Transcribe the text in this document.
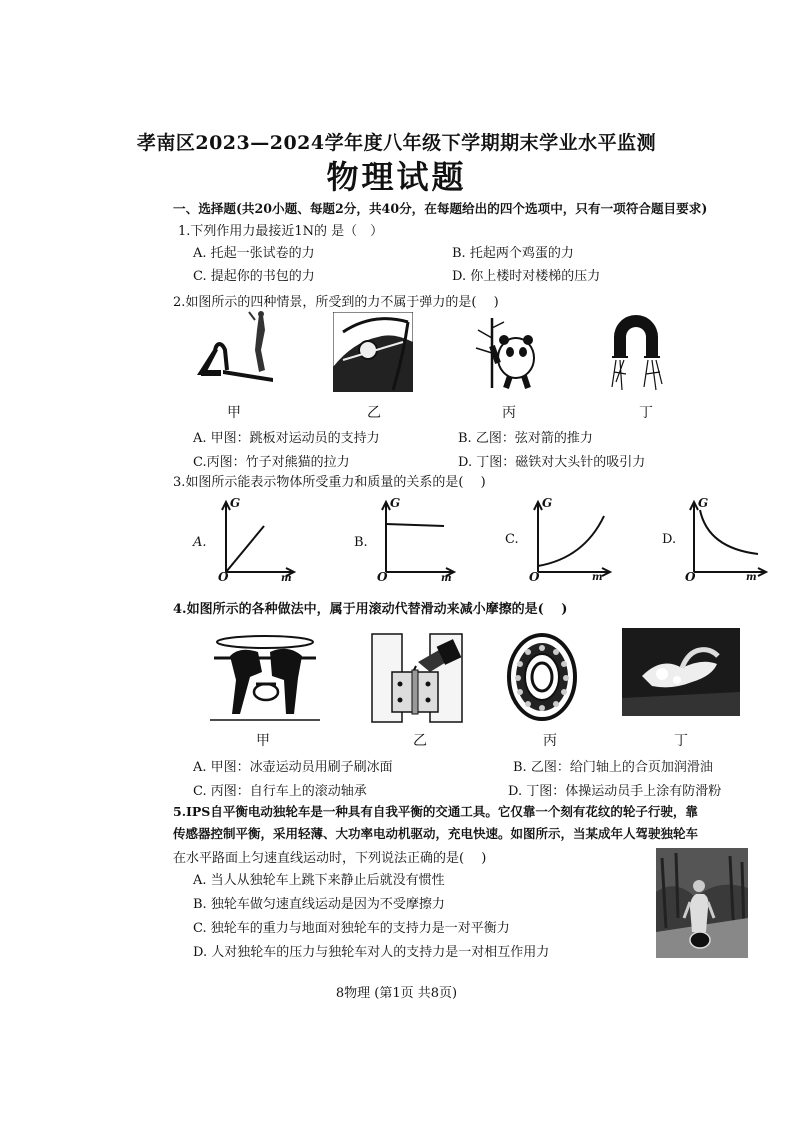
孝南区2023—2024学年度八年级下学期期末学业水平监测
物理试题
一、选择题(共20小题、每题2分，共40分，在每题给出的四个选项中，只有一项符合题目要求)
1.下列作用力最接近1N的 是（　）
A. 托起一张试卷的力	B. 托起两个鸡蛋的力
C. 提起你的书包的力	D. 你上楼时对楼梯的压力
2.如图所示的四种情景，所受到的力不属于弹力的是(　 )
甲	乙	丙	丁
A. 甲图：跳板对运动员的支持力	B. 乙图：弦对箭的推力
C.丙图：竹子对熊猫的拉力	D. 丁图：磁铁对大头针的吸引力
3.如图所示能表示物体所受重力和质量的关系的是(　 )
A.
G
m
O
B.
G
m
O
C.
G
m
O
D.
G
m
O
4.如图所示的各种做法中，属于用滚动代替滑动来减小摩擦的是(　 )
甲	乙	丙	丁
A. 甲图：冰壶运动员用刷子刷冰面	B. 乙图：给门轴上的合页加润滑油
C. 丙图：自行车上的滚动轴承	D. 丁图：体操运动员手上涂有防滑粉
5.IPS自平衡电动独轮车是一种具有自我平衡的交通工具。它仅靠一个刻有花纹的轮子行驶，靠
传感器控制平衡，采用轻薄、大功率电动机驱动，充电快速。如图所示，当某成年人驾驶独轮车
在水平路面上匀速直线运动时，下列说法正确的是(　 )
A. 当人从独轮车上跳下来静止后就没有惯性
B. 独轮车做匀速直线运动是因为不受摩擦力
C. 独轮车的重力与地面对独轮车的支持力是一对平衡力
D. 人对独轮车的压力与独轮车对人的支持力是一对相互作用力
8物理 (第1页 共8页)
